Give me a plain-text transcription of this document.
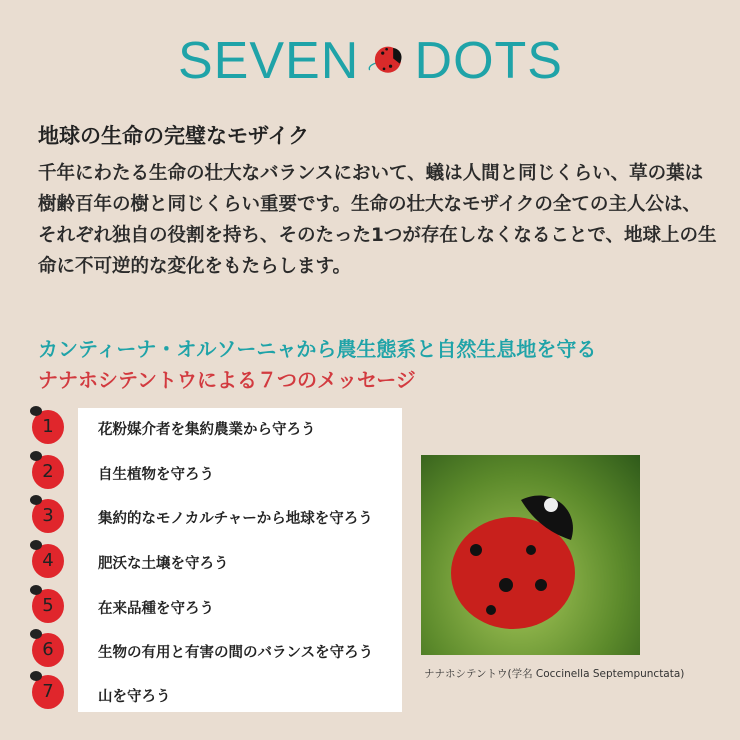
SEVEN DOTS
地球の生命の完璧なモザイク

千年にわたる生命の壮大なバランスにおいて、蟻は人間と同じくらい、草の葉は樹齢百年の樹と同じくらい重要です。生命の壮大なモザイクの全ての主人公は、それぞれ独自の役割を持ち、そのたった1つが存在しなくなることで、地球上の生命に不可逆的な変化をもたらします。

カンティーナ・オルソーニャから農生態系と自然生息地を守る
ナナホシテントウによる７つのメッセージ
花粉媒介者を集約農業から守ろう
自生植物を守ろう
集約的なモノカルチャーから地球を守ろう
肥沃な土壌を守ろう
在来品種を守ろう
生物の有用と有害の間のバランスを守ろう
山を守ろう
1
2
3
4
5
6
7
ナナホシテントウ(学名 Coccinella Septempunctata)
